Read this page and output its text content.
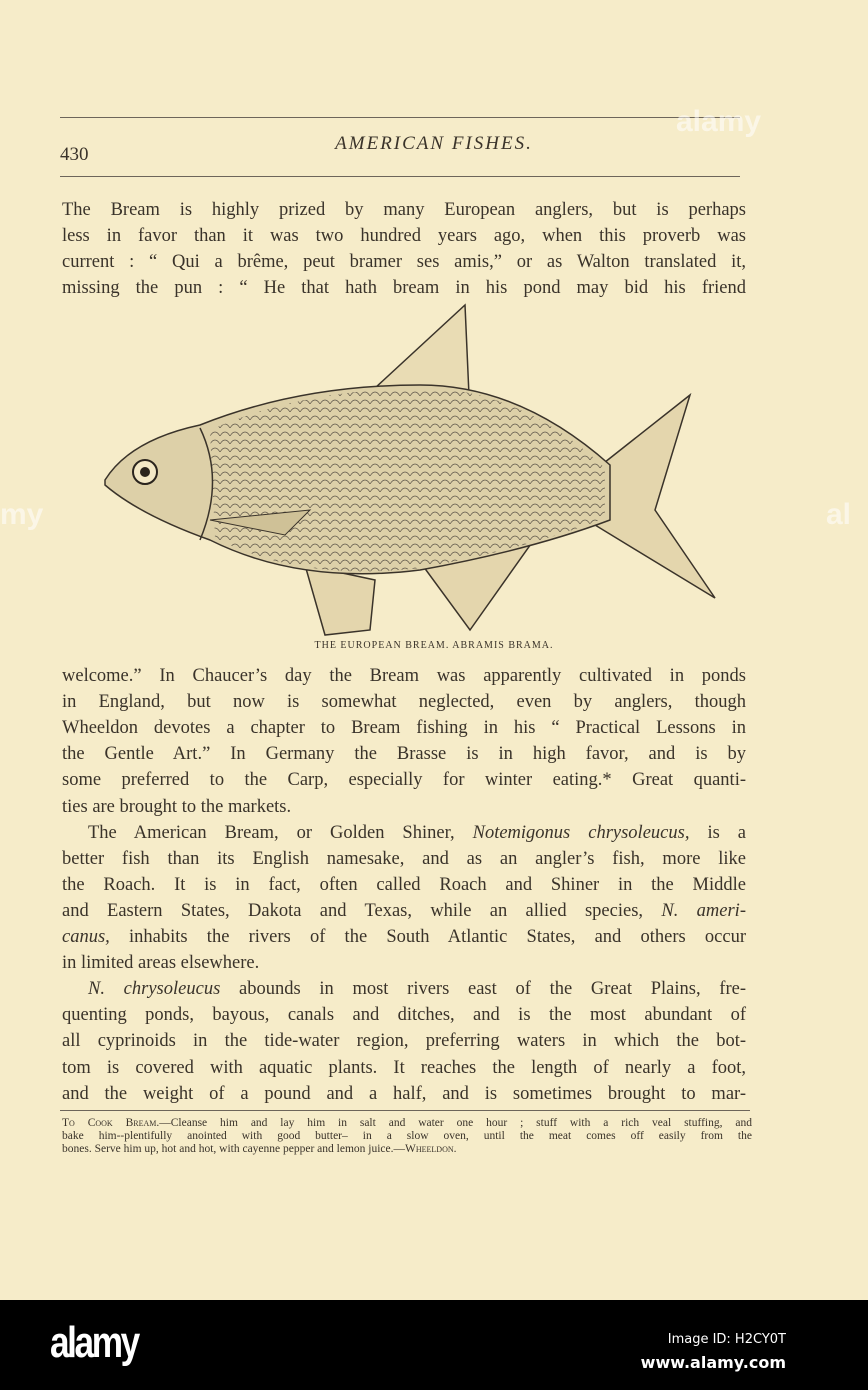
430
AMERICAN FISHES.
The Bream is highly prized by many European anglers, but is perhaps
less in favor than it was two hundred years ago, when this proverb was
current : “ Qui a brême, peut bramer ses amis,” or as Walton translated it,
missing the pun : “ He that hath bream in his pond may bid his friend
THE EUROPEAN BREAM. ABRAMIS BRAMA.
welcome.” In Chaucer’s day the Bream was apparently cultivated in ponds
in England, but now is somewhat neglected, even by anglers, though
Wheeldon devotes a chapter to Bream fishing in his “ Practical Lessons in
the Gentle Art.” In Germany the Brasse is in high favor, and is by
some preferred to the Carp, especially for winter eating.* Great quanti-
ties are brought to the markets.
The American Bream, or Golden Shiner, Notemigonus chrysoleucus, is a
better fish than its English namesake, and as an angler’s fish, more like
the Roach. It is in fact, often called Roach and Shiner in the Middle
and Eastern States, Dakota and Texas, while an allied species, N. ameri-
canus, inhabits the rivers of the South Atlantic States, and others occur
in limited areas elsewhere.
N. chrysoleucus abounds in most rivers east of the Great Plains, fre-
quenting ponds, bayous, canals and ditches, and is the most abundant of
all cyprinoids in the tide-water region, preferring waters in which the bot-
tom is covered with aquatic plants. It reaches the length of nearly a foot,
and the weight of a pound and a half, and is sometimes brought to mar-
To Cook Bream.—Cleanse him and lay him in salt and water one hour ; stuff with a rich veal stuffing, and
bake him--plentifully anointed with good butter– in a slow oven, until the meat comes off easily from the
bones. Serve him up, hot and hot, with cayenne pepper and lemon juice.—Wheeldon.
alamy
my	al
alamy	Image ID: H2CY0T
www.alamy.com
